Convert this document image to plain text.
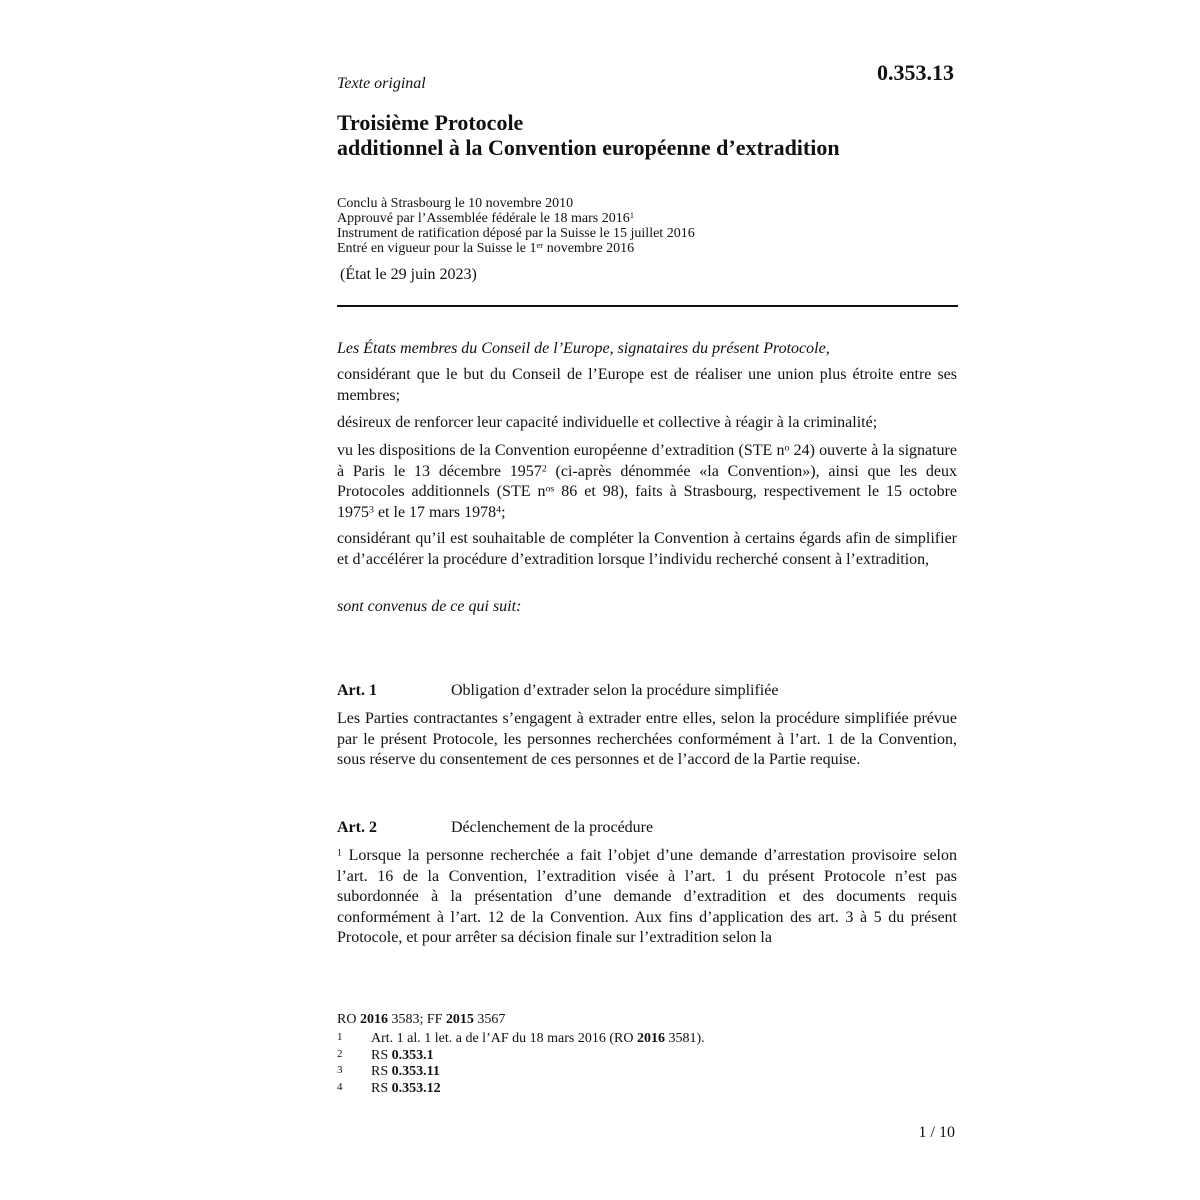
Texte original	0.353.13
Troisième Protocole
additionnel à la Convention européenne d’extradition
Conclu à Strasbourg le 10 novembre 2010
Approuvé par l’Assemblée fédérale le 18 mars 2016$^1$
Instrument de ratification déposé par la Suisse le 15 juillet 2016
Entré en vigueur pour la Suisse le 1er novembre 2016
(État le 29 juin 2023)
Les États membres du Conseil de l’Europe, signataires du présent Protocole,

considérant que le but du Conseil de l’Europe est de réaliser une union plus étroite entre ses membres;

désireux de renforcer leur capacité individuelle et collective à réagir à la criminalité;

vu les dispositions de la Convention européenne d’extradition (STE $n^o$ 24) ouverte à la signature à Paris le 13 décembre 1957$^2$ (ci-après dénommée «la Convention»), ainsi que les deux Protocoles additionnels (STE $n^{os}$ 86 et 98), faits à Strasbourg, respectivement le 15 octobre 1975$^3$ et le 17 mars 1978$^4$;

considérant qu’il est souhaitable de compléter la Convention à certains égards afin de simplifier et d’accélérer la procédure d’extradition lorsque l’individu recherché consent à l’extradition,

sont convenus de ce qui suit:
Art. 1	Obligation d’extrader selon la procédure simplifiée

Les Parties contractantes s’engagent à extrader entre elles, selon la procédure simplifiée prévue par le présent Protocole, les personnes recherchées conformément à l’art. 1 de la Convention, sous réserve du consentement de ces personnes et de l’accord de la Partie requise.

Art. 2	Déclenchement de la procédure

$^1$ Lorsque la personne recherchée a fait l’objet d’une demande d’arrestation provisoire selon l’art. 16 de la Convention, l’extradition visée à l’art. 1 du présent Protocole n’est pas subordonnée à la présentation d’une demande d’extradition et des documents requis conformément à l’art. 12 de la Convention. Aux fins d’application des art. 3 à 5 du présent Protocole, et pour arrêter sa décision finale sur l’extradition selon la

RO 2016 3583; FF 2015 3567
1	Art. 1 al. 1 let. a de l’AF du 18 mars 2016 (RO 2016 3581).
2	RS 0.353.1
3	RS 0.353.11
4	RS 0.353.12
1 / 10
